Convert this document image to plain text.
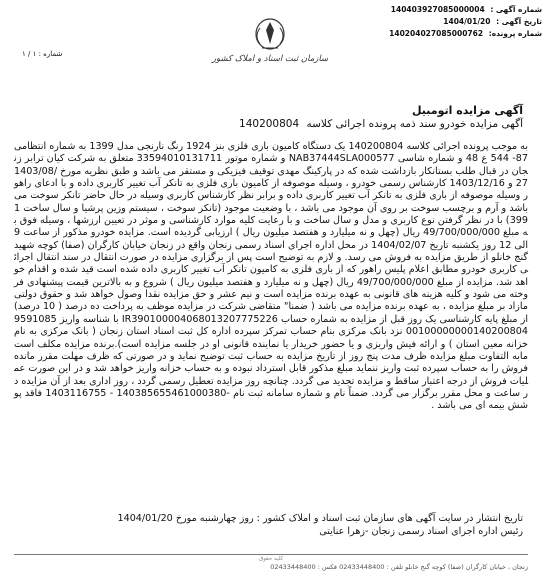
شماره آگهی : 140403927085000004
تاریخ آگهی : 1404/01/20
شماره پرونده: 140204027085000762
شماره : ۱ / ۱	سازمان ثبت اسناد و املاک کشور
آگهی مزایده اتومبیل
آگهی مزایده خودرو سند ذمه پرونده اجرائی کلاسه 140200804
به موجب پرونده اجرائی کلاسه 140200804 یک دستگاه کامیون باری فلزی بنز 1924 رنگ نارنجی مدل 1399 به شماره انتظامی 87- 544 ع 48 و شماره شاسی NAB37444SLA000577 و شماره موتور 33594010131711 متعلق به شرکت کیان ترابر زنجان در قبال طلب بستانکار بازداشت شده که در پارکینگ مهدی توقیف فیزیکی و مستقر می باشد و طبق نظریه مورخ 1403/08/27 و 1403/12/16 کارشناس رسمی خودرو ، وسیله موصوفه از کامیون باری فلزی به تانکر آب تغییر کاربری داده و با ادعای راهور وسیله موصوفه از باری فلزی به تانکر آب تغییر کاربری داده و برابر نظر کارشناس کاربری وسیله در حال حاضر تانکر سوخت می باشد و آرم و برچسب سوخت بر روی آن موجود می باشد ، با وضعیت موجود (تانکر سوخت ، سیستم وزین پرشیا و سال ساخت 1399) با در نظر گرفتن نوع کاربری و مدل و سال ساخت و با رعایت کلیه موارد کارشناسی و موثر در تعیین ارزشها ، وسیله فوق به مبلغ 49/700/000/000 ریال (چهل و نه میلیارد و هفتصد میلیون ریال ) ارزیابی گردیده است. مزایده خودرو مذکور از ساعت 9 الی 12 روز یکشنبه تاریخ 1404/02/07 در محل اداره اجرای اسناد رسمی زنجان واقع در زنجان خیابان کارگران (صفا) کوچه شهید گنج خانلو از طریق مزایده به فروش می رسد. و لازم به توضیح است پس از برگزاری مزایده در صورت انتقال در سند انتقال اجرائی کاربری خودرو مطابق اعلام پلیس راهور که از باری فلزی به کامیون تانکر آب تغییر کاربری داده شده است قید شده و اقدام خواهد شد. مزایده از مبلغ 49/700/000/000 ریال (چهل و نه میلیارد و هفتصد میلیون ریال ) شروع و به بالاترین قیمت پیشنهادی فروخته می شود و کلیه هزینه های قانونی به عهده برنده مزایده است و نیم عشر و حق مزایده نقدا وصول خواهد شد و حقوق دولتی مازاد بر مبلغ مزایده ، به عهده برنده مزایده می باشد ( ضمنا" متقاضی شرکت در مزایده موظف به پرداخت ده درصد ( 10 درصد) از مبلغ پایه کارشناسی یک روز قبل از مزایده به شماره حساب IR390100004068013207775226 با شناسه واریز 959108500100000000140200804 نزد بانک مرکزی بنام حساب تمرکز سپرده اداره کل ثبت اسناد استان زنجان ( بانک مرکزی به نام خزانه معین استان ) و ارائه فیش واریزی و یا حضور خریدار یا نماینده قانونی او در جلسه مزایده است).برنده مزایده مکلف است مابه التفاوت مبلغ مزایده ظرف مدت پنج روز از تاریخ مزایده به حساب ثبت توضیح نماید و در صورتی که ظرف مهلت مقرر مانده فروش را به حساب سپرده ثبت واریز ننماید مبلغ مذکور قابل استرداد نبوده و به حساب خزانه واریز خواهد شد و در این صورت عملیات فروش از درجه اعتبار ساقط و مزایده تجدید می گردد. چنانچه روز مزایده تعطیل رسمی گردد ، روز اداری بعد از آن مزایده در ساعت و محل مقرر برگزار می گردد. ضمناً نام و شماره سامانه ثبت نام -140385655461000380 - 1403116755 فاقد پوشش بیمه ای می باشد .
تاریخ انتشار در سایت آگهی های سازمان ثبت اسناد و املاک کشور : روز چهارشنبه مورخ 1404/01/20
رئیس اداره اجرای اسناد رسمی زنجان -زهرا عنایتی
کلیه حقوق
زنجان ، خیابان کارگران (صفا) کوچه گنج خانلو تلفن : 02433448400 فکس : 02433448400
